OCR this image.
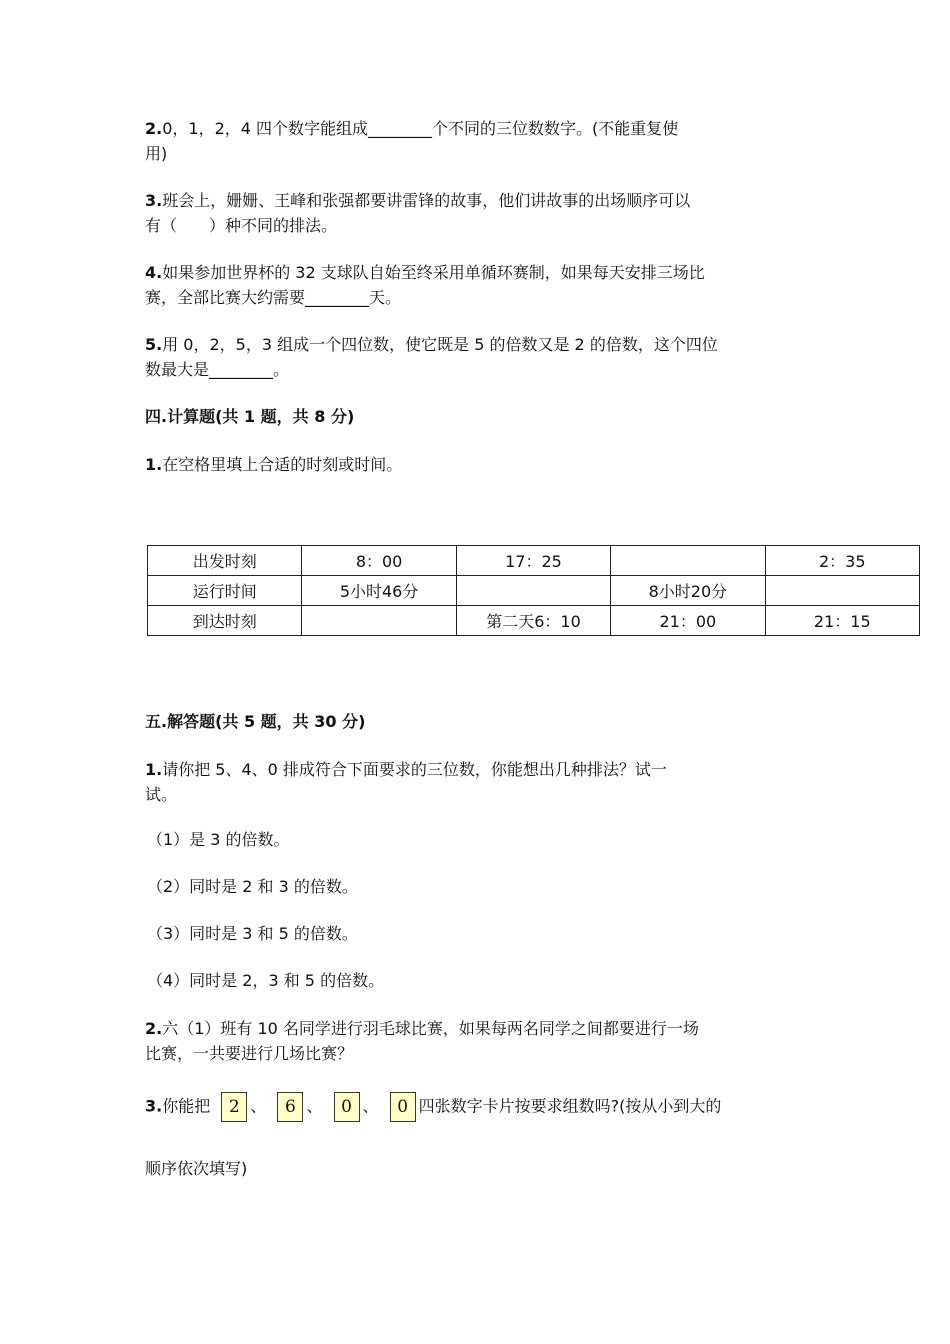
2.0，1，2，4 四个数字能组成________个不同的三位数数字。(不能重复使
用)
3.班会上，姗姗、王峰和张强都要讲雷锋的故事，他们讲故事的出场顺序可以
有（　　）种不同的排法。
4.如果参加世界杯的 32 支球队自始至终采用单循环赛制，如果每天安排三场比
赛，全部比赛大约需要________天。
5.用 0，2，5，3 组成一个四位数，使它既是 5 的倍数又是 2 的倍数，这个四位
数最大是________。
四.计算题(共 1 题，共 8 分)
1.在空格里填上合适的时刻或时间。
出发时刻	8：00	17：25		2：35
运行时间	5小时46分		8小时20分	
到达时刻		第二天6：10	21：00	21：15
五.解答题(共 5 题，共 30 分)
1.请你把 5、4、0 排成符合下面要求的三位数，你能想出几种排法？试一
试。
（1）是 3 的倍数。
（2）同时是 2 和 3 的倍数。
（3）同时是 3 和 5 的倍数。
（4）同时是 2，3 和 5 的倍数。
2.六（1）班有 10 名同学进行羽毛球比赛，如果每两名同学之间都要进行一场
比赛，一共要进行几场比赛？
3.你能把 2 、 6 、 0 、 0 四张数字卡片按要求组数吗?(按从小到大的
顺序依次填写)
